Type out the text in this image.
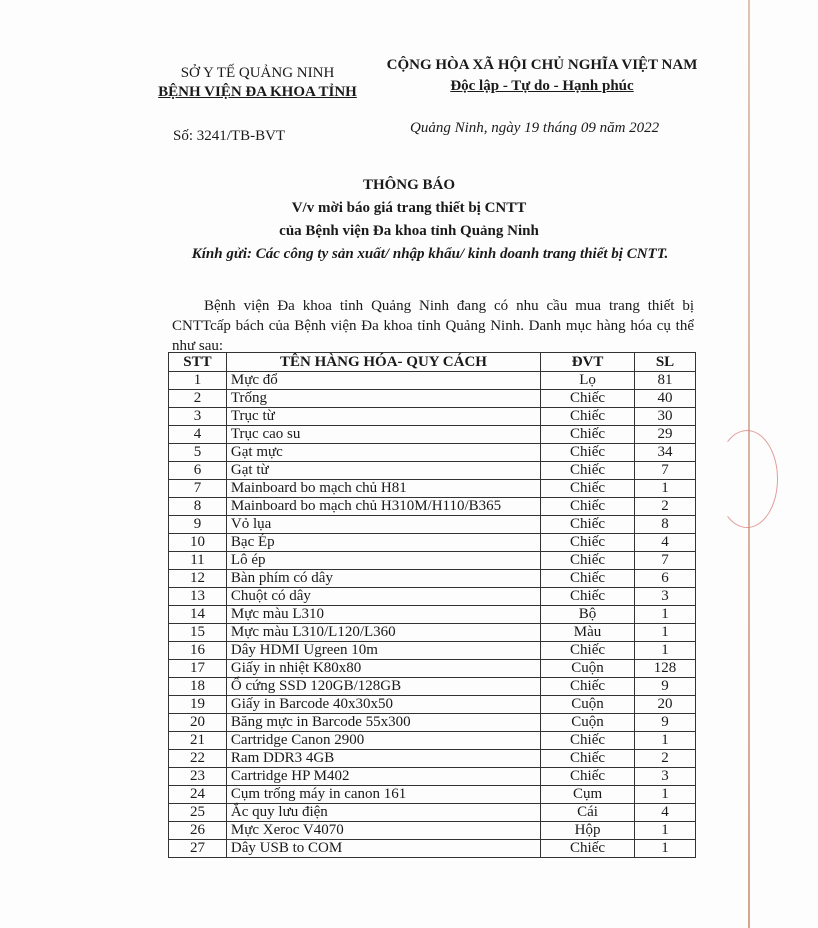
SỞ Y TẾ QUẢNG NINH
BỆNH VIỆN ĐA KHOA TỈNH
CỘNG HÒA XÃ HỘI CHỦ NGHĨA VIỆT NAM
Độc lập - Tự do - Hạnh phúc
Số: 3241/TB-BVT	Quảng Ninh, ngày 19 tháng 09 năm 2022
THÔNG BÁO
V/v mời báo giá trang thiết bị CNTT
của Bệnh viện Đa khoa tỉnh Quảng Ninh
Kính gửi: Các công ty sản xuất/ nhập khẩu/ kinh doanh trang thiết bị CNTT.
Bệnh viện Đa khoa tỉnh Quảng Ninh đang có nhu cầu mua trang thiết bị CNTTcấp bách của Bệnh viện Đa khoa tỉnh Quảng Ninh. Danh mục hàng hóa cụ thể như sau:
STT	TÊN HÀNG HÓA- QUY CÁCH	ĐVT	SL
1	Mực đổ	Lọ	81
2	Trống	Chiếc	40
3	Trục từ	Chiếc	30
4	Trục cao su	Chiếc	29
5	Gạt mực	Chiếc	34
6	Gạt từ	Chiếc	7
7	Mainboard bo mạch chủ H81	Chiếc	1
8	Mainboard bo mạch chủ H310M/H110/B365	Chiếc	2
9	Vỏ lụa	Chiếc	8
10	Bạc Ép	Chiếc	4
11	Lô ép	Chiếc	7
12	Bàn phím có dây	Chiếc	6
13	Chuột có dây	Chiếc	3
14	Mực màu L310	Bộ	1
15	Mực màu L310/L120/L360	Màu	1
16	Dây HDMI Ugreen 10m	Chiếc	1
17	Giấy in nhiệt K80x80	Cuộn	128
18	Ổ cứng SSD 120GB/128GB	Chiếc	9
19	Giấy in Barcode 40x30x50	Cuộn	20
20	Băng mực in Barcode 55x300	Cuộn	9
21	Cartridge Canon 2900	Chiếc	1
22	Ram DDR3 4GB	Chiếc	2
23	Cartridge HP M402	Chiếc	3
24	Cụm trống máy in canon 161	Cụm	1
25	Ắc quy lưu điện	Cái	4
26	Mực Xeroc V4070	Hộp	1
27	Dây USB to COM	Chiếc	1
